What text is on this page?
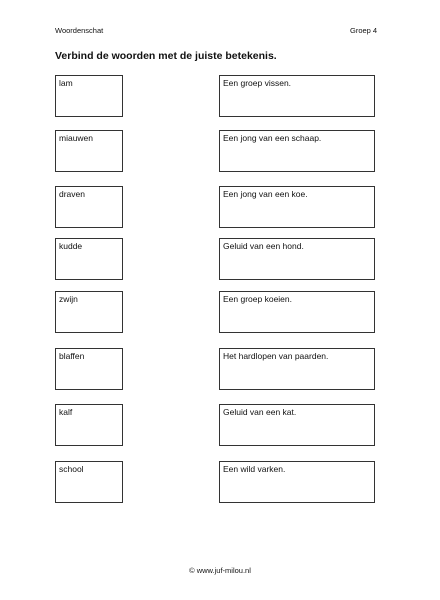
Woordenschat	Groep 4
Verbind de woorden met de juiste betekenis.
lam	Een groep vissen.
miauwen	Een jong van een schaap.
draven	Een jong van een koe.
kudde	Geluid van een hond.
zwijn	Een groep koeien.
blaffen	Het hardlopen van paarden.
kalf	Geluid van een kat.
school	Een wild varken.
© www.juf-milou.nl
